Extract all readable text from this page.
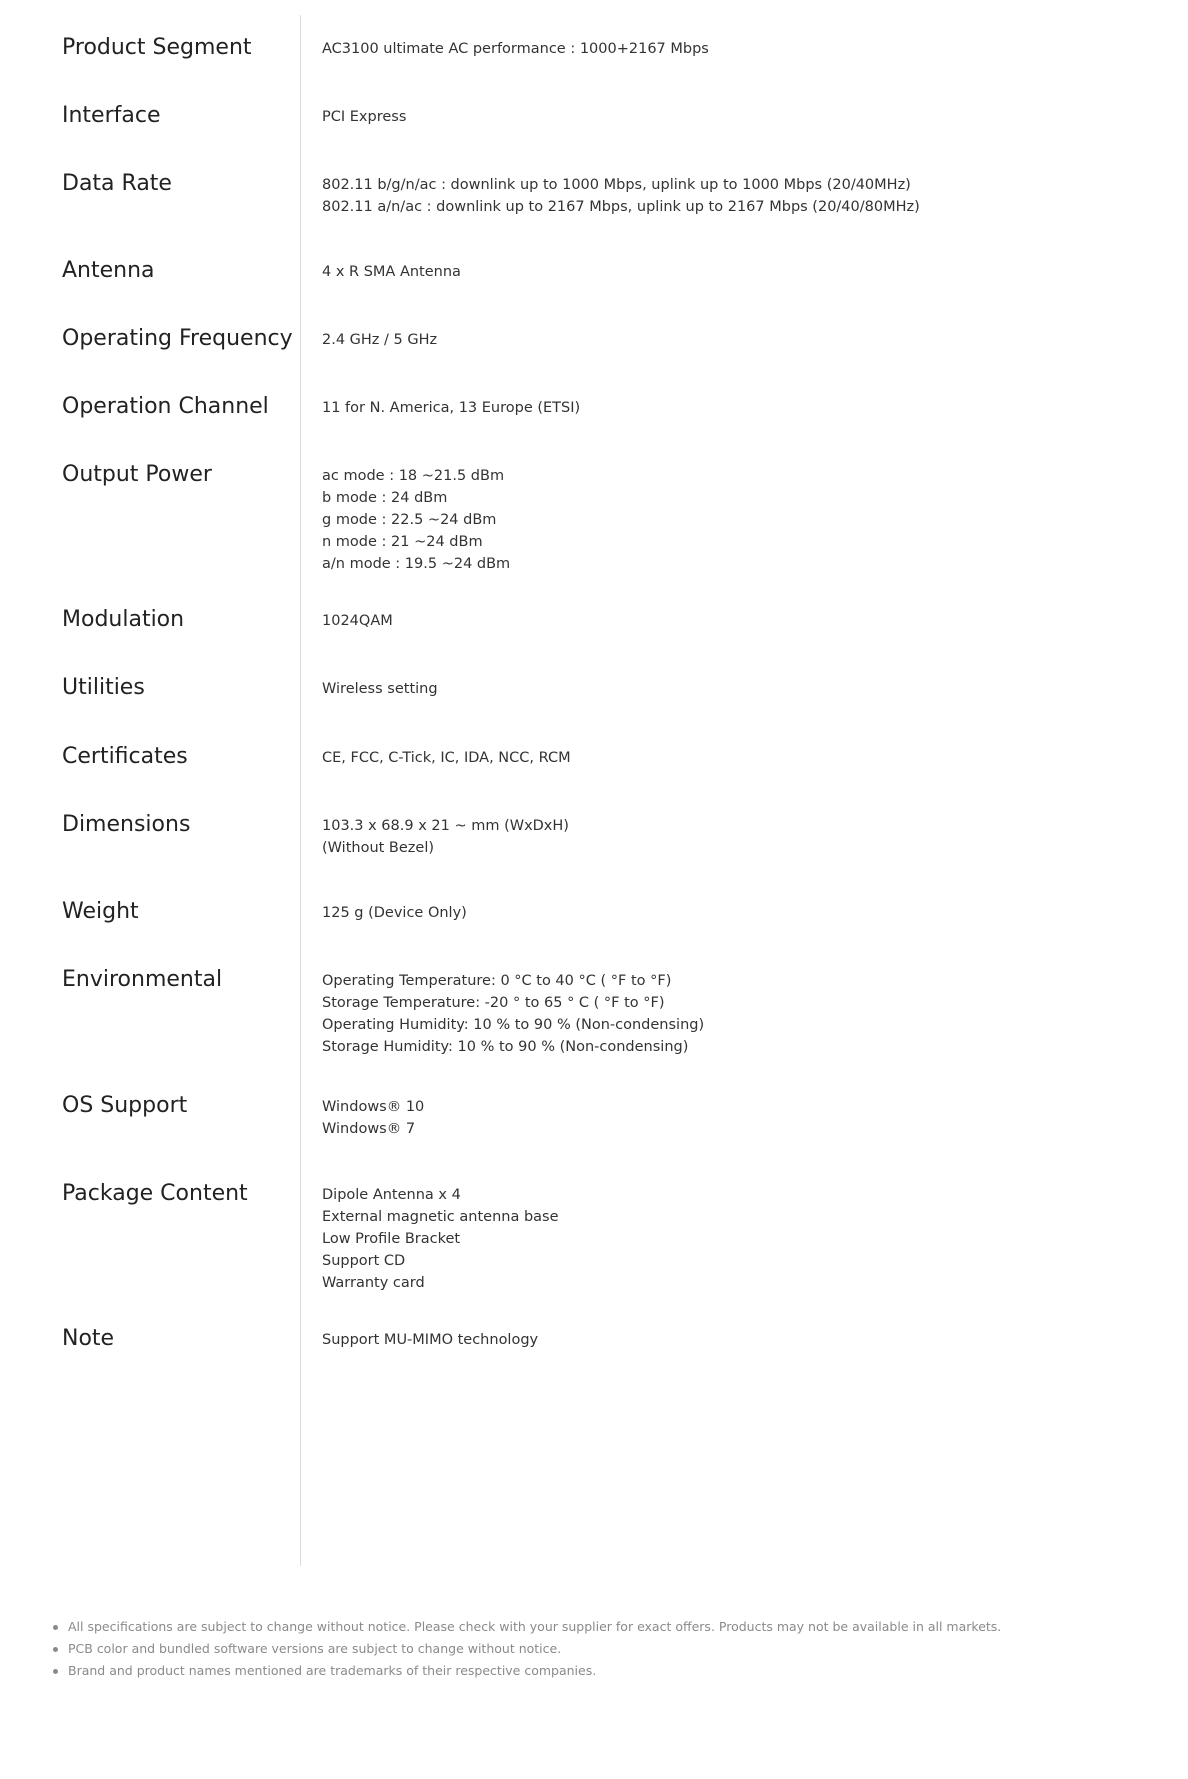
Product Segment	AC3100 ultimate AC performance : 1000+2167 Mbps
Interface	PCI Express
Data Rate	802.11 b/g/n/ac : downlink up to 1000 Mbps, uplink up to 1000 Mbps (20/40MHz)
802.11 a/n/ac : downlink up to 2167 Mbps, uplink up to 2167 Mbps (20/40/80MHz)
Antenna	4 x R SMA Antenna
Operating Frequency	2.4 GHz / 5 GHz
Operation Channel	11 for N. America, 13 Europe (ETSI)
Output Power	ac mode : 18 ~21.5 dBm
b mode : 24 dBm
g mode : 22.5 ~24 dBm
n mode : 21 ~24 dBm
a/n mode : 19.5 ~24 dBm
Modulation	1024QAM
Utilities	Wireless setting
Certificates	CE, FCC, C-Tick, IC, IDA, NCC, RCM
Dimensions	103.3 x 68.9 x 21 ~ mm (WxDxH)
(Without Bezel)
Weight	125 g (Device Only)
Environmental	Operating Temperature: 0 °C to 40 °C ( °F to °F)
Storage Temperature: -20 ° to 65 ° C ( °F to °F)
Operating Humidity: 10 % to 90 % (Non-condensing)
Storage Humidity: 10 % to 90 % (Non-condensing)
OS Support	Windows® 10
Windows® 7
Package Content	Dipole Antenna x 4
External magnetic antenna base
Low Profile Bracket
Support CD
Warranty card
Note	Support MU-MIMO technology
All specifications are subject to change without notice. Please check with your supplier for exact offers. Products may not be available in all markets.
PCB color and bundled software versions are subject to change without notice.
Brand and product names mentioned are trademarks of their respective companies.
